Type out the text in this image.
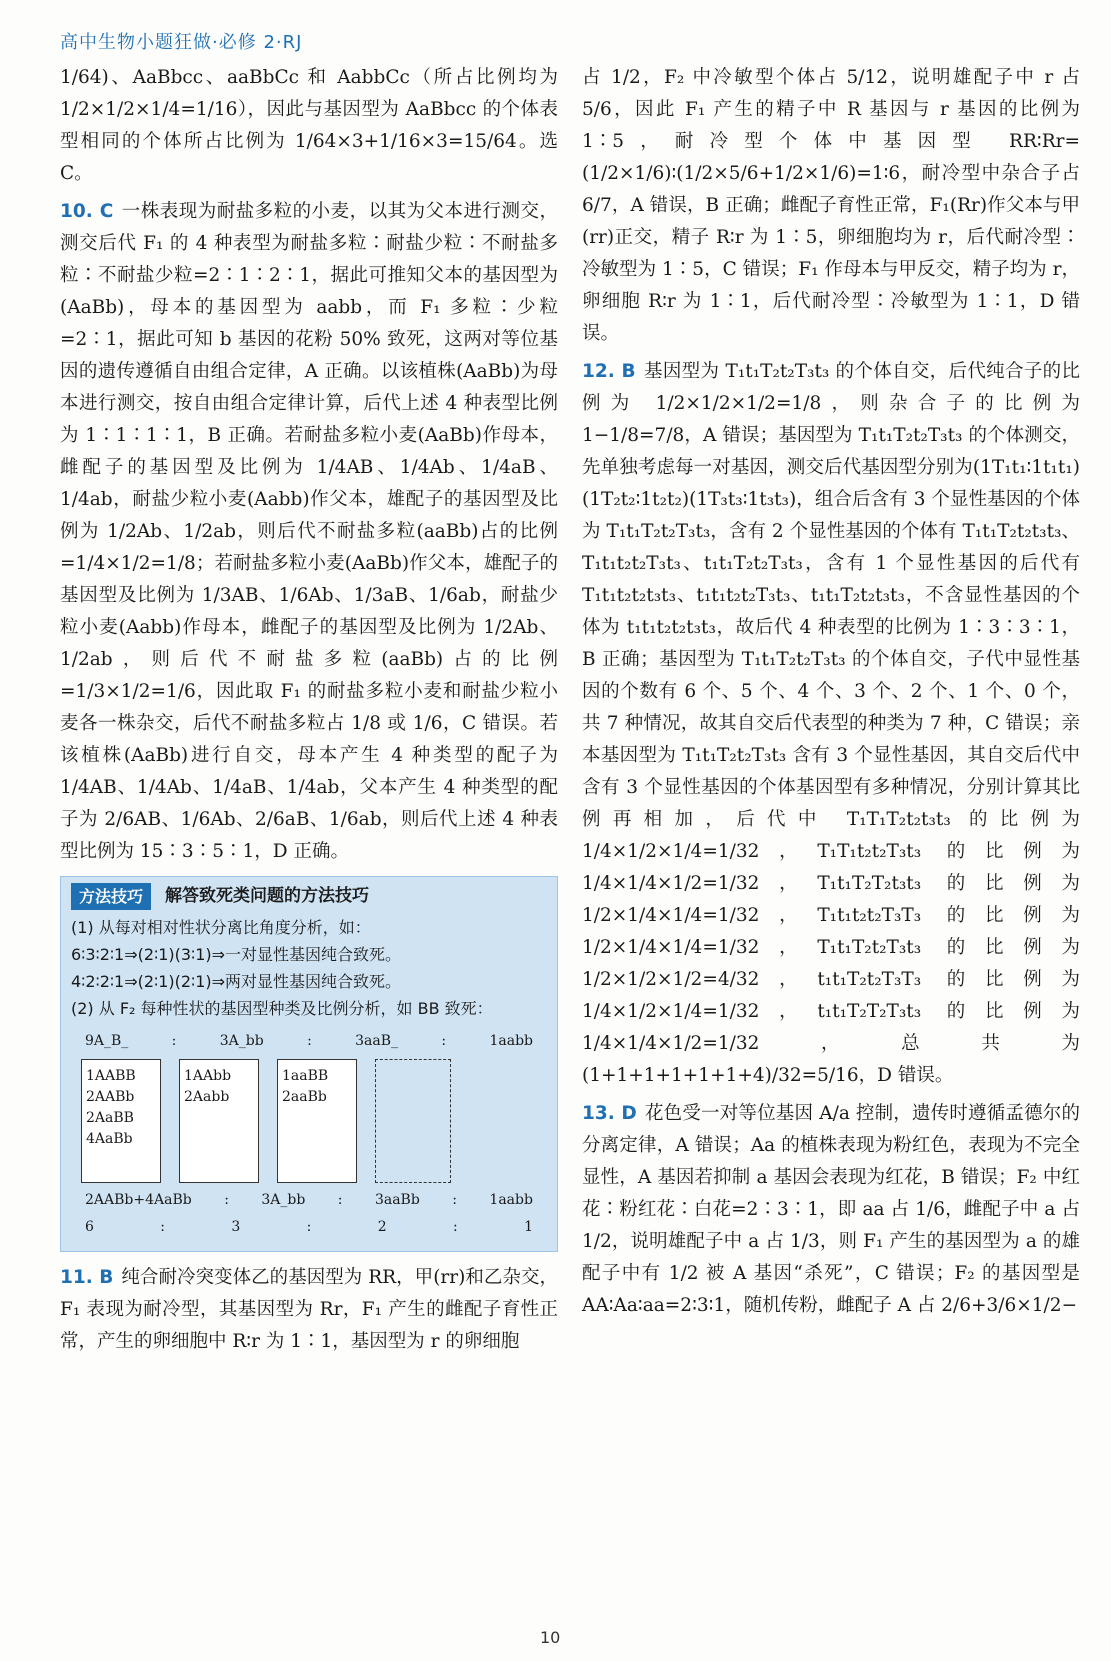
高中生物小题狂做·必修 2·RJ

1/64)、AaBbcc、aaBbCc 和 AabbCc（所占比例均为 1/2×1/2×1/4=1/16），因此与基因型为 AaBbcc 的个体表型相同的个体所占比例为 1/64×3+1/16×3=15/64。选 C。

10. C 一株表现为耐盐多粒的小麦，以其为父本进行测交，测交后代 F₁ 的 4 种表型为耐盐多粒∶耐盐少粒∶不耐盐多粒∶不耐盐少粒=2∶1∶2∶1，据此可推知父本的基因型为(AaBb)，母本的基因型为 aabb，而 F₁ 多粒∶少粒=2∶1，据此可知 b 基因的花粉 50% 致死，这两对等位基因的遗传遵循自由组合定律，A 正确。以该植株(AaBb)为母本进行测交，按自由组合定律计算，后代上述 4 种表型比例为 1∶1∶1∶1，B 正确。若耐盐多粒小麦(AaBb)作母本，雌配子的基因型及比例为 1/4AB、1/4Ab、1/4aB、1/4ab，耐盐少粒小麦(Aabb)作父本，雄配子的基因型及比例为 1/2Ab、1/2ab，则后代不耐盐多粒(aaBb)占的比例=1/4×1/2=1/8；若耐盐多粒小麦(AaBb)作父本，雄配子的基因型及比例为 1/3AB、1/6Ab、1/3aB、1/6ab，耐盐少粒小麦(Aabb)作母本，雌配子的基因型及比例为 1/2Ab、1/2ab，则后代不耐盐多粒(aaBb)占的比例=1/3×1/2=1/6，因此取 F₁ 的耐盐多粒小麦和耐盐少粒小麦各一株杂交，后代不耐盐多粒占 1/8 或 1/6，C 错误。若该植株(AaBb)进行自交，母本产生 4 种类型的配子为 1/4AB、1/4Ab、1/4aB、1/4ab，父本产生 4 种类型的配子为 2/6AB、1/6Ab、2/6aB、1/6ab，则后代上述 4 种表型比例为 15∶3∶5∶1，D 正确。

方法技巧	解答致死类问题的方法技巧
(1) 从每对相对性状分离比角度分析，如：
6∶3∶2∶1⇒(2∶1)(3∶1)⇒一对显性基因纯合致死。
4∶2∶2∶1⇒(2∶1)(2∶1)⇒两对显性基因纯合致死。
(2) 从 F₂ 每种性状的基因型种类及比例分析，如 BB 致死：
9A_B_	:	3A_bb	:	3aaB_	:	1aabb
1AABB
2AABb
2AaBB
4AaBb
1AAbb
2Aabb
1aaBB
2aaBb
2AABb+4AaBb : 3A_bb : 3aaBb : 1aabb
6	:	3	:	2	:	1

11. B 纯合耐冷突变体乙的基因型为 RR，甲(rr)和乙杂交，F₁ 表现为耐冷型，其基因型为 Rr，F₁ 产生的雌配子育性正常，产生的卵细胞中 R∶r 为 1∶1，基因型为 r 的卵细胞

占 1/2，F₂ 中冷敏型个体占 5/12，说明雄配子中 r 占 5/6，因此 F₁ 产生的精子中 R 基因与 r 基因的比例为 1∶5，耐冷型个体中基因型 RR∶Rr=(1/2×1/6)∶(1/2×5/6+1/2×1/6)=1∶6，耐冷型中杂合子占 6/7，A 错误，B 正确；雌配子育性正常，F₁(Rr)作父本与甲(rr)正交，精子 R∶r 为 1∶5，卵细胞均为 r，后代耐冷型∶冷敏型为 1∶5，C 错误；F₁ 作母本与甲反交，精子均为 r，卵细胞 R∶r 为 1∶1，后代耐冷型∶冷敏型为 1∶1，D 错误。

12. B 基因型为 T₁t₁T₂t₂T₃t₃ 的个体自交，后代纯合子的比例为 1/2×1/2×1/2=1/8，则杂合子的比例为 1−1/8=7/8，A 错误；基因型为 T₁t₁T₂t₂T₃t₃ 的个体测交，先单独考虑每一对基因，测交后代基因型分别为(1T₁t₁∶1t₁t₁)(1T₂t₂∶1t₂t₂)(1T₃t₃∶1t₃t₃)，组合后含有 3 个显性基因的个体为 T₁t₁T₂t₂T₃t₃，含有 2 个显性基因的个体有 T₁t₁T₂t₂t₃t₃、T₁t₁t₂t₂T₃t₃、t₁t₁T₂t₂T₃t₃，含有 1 个显性基因的后代有 T₁t₁t₂t₂t₃t₃、t₁t₁t₂t₂T₃t₃、t₁t₁T₂t₂t₃t₃，不含显性基因的个体为 t₁t₁t₂t₂t₃t₃，故后代 4 种表型的比例为 1∶3∶3∶1，B 正确；基因型为 T₁t₁T₂t₂T₃t₃ 的个体自交，子代中显性基因的个数有 6 个、5 个、4 个、3 个、2 个、1 个、0 个，共 7 种情况，故其自交后代表型的种类为 7 种，C 错误；亲本基因型为 T₁t₁T₂t₂T₃t₃ 含有 3 个显性基因，其自交后代中含有 3 个显性基因的个体基因型有多种情况，分别计算其比例再相加，后代中 T₁T₁T₂t₂t₃t₃ 的比例为 1/4×1/2×1/4=1/32，T₁T₁t₂t₂T₃t₃ 的比例为 1/4×1/4×1/2=1/32，T₁t₁T₂T₂t₃t₃ 的比例为 1/2×1/4×1/4=1/32，T₁t₁t₂t₂T₃T₃ 的比例为 1/2×1/4×1/4=1/32，T₁t₁T₂t₂T₃t₃ 的比例为 1/2×1/2×1/2=4/32，t₁t₁T₂t₂T₃T₃ 的比例为 1/4×1/2×1/4=1/32，t₁t₁T₂T₂T₃t₃ 的比例为 1/4×1/4×1/2=1/32，总共为 (1+1+1+1+1+1+4)/32=5/16，D 错误。

13. D 花色受一对等位基因 A/a 控制，遗传时遵循孟德尔的分离定律，A 错误；Aa 的植株表现为粉红色，表现为不完全显性，A 基因若抑制 a 基因会表现为红花，B 错误；F₂ 中红花∶粉红花∶白花=2∶3∶1，即 aa 占 1/6，雌配子中 a 占 1/2，说明雄配子中 a 占 1/3，则 F₁ 产生的基因型为 a 的雄配子中有 1/2 被 A 基因“杀死”，C 错误；F₂ 的基因型是 AA∶Aa∶aa=2∶3∶1，随机传粉，雌配子 A 占 2/6+3/6×1/2−

10
